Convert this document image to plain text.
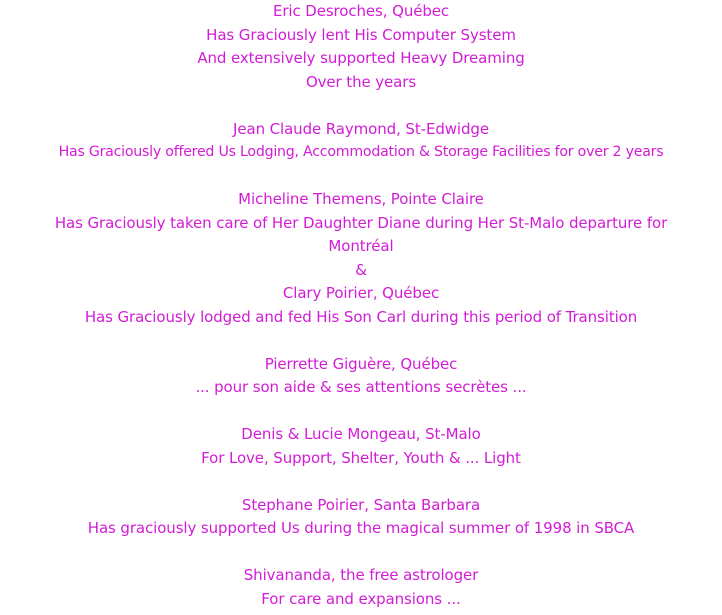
Eric Desroches, Québec
Has Graciously lent His Computer System
And extensively supported Heavy Dreaming
Over the years
Jean Claude Raymond, St-Edwidge
Has Graciously offered Us Lodging, Accommodation & Storage Facilities for over 2 years
Micheline Themens, Pointe Claire
Has Graciously taken care of Her Daughter Diane during Her St-Malo departure for Montréal
&
Clary Poirier, Québec
Has Graciously lodged and fed His Son Carl during this period of Transition
Pierrette Giguère, Québec
... pour son aide & ses attentions secrètes ...
Denis & Lucie Mongeau, St-Malo
For Love, Support, Shelter, Youth & ... Light
Stephane Poirier, Santa Barbara
Has graciously supported Us during the magical summer of 1998 in SBCA
Shivananda, the free astrologer
For care and expansions ...
